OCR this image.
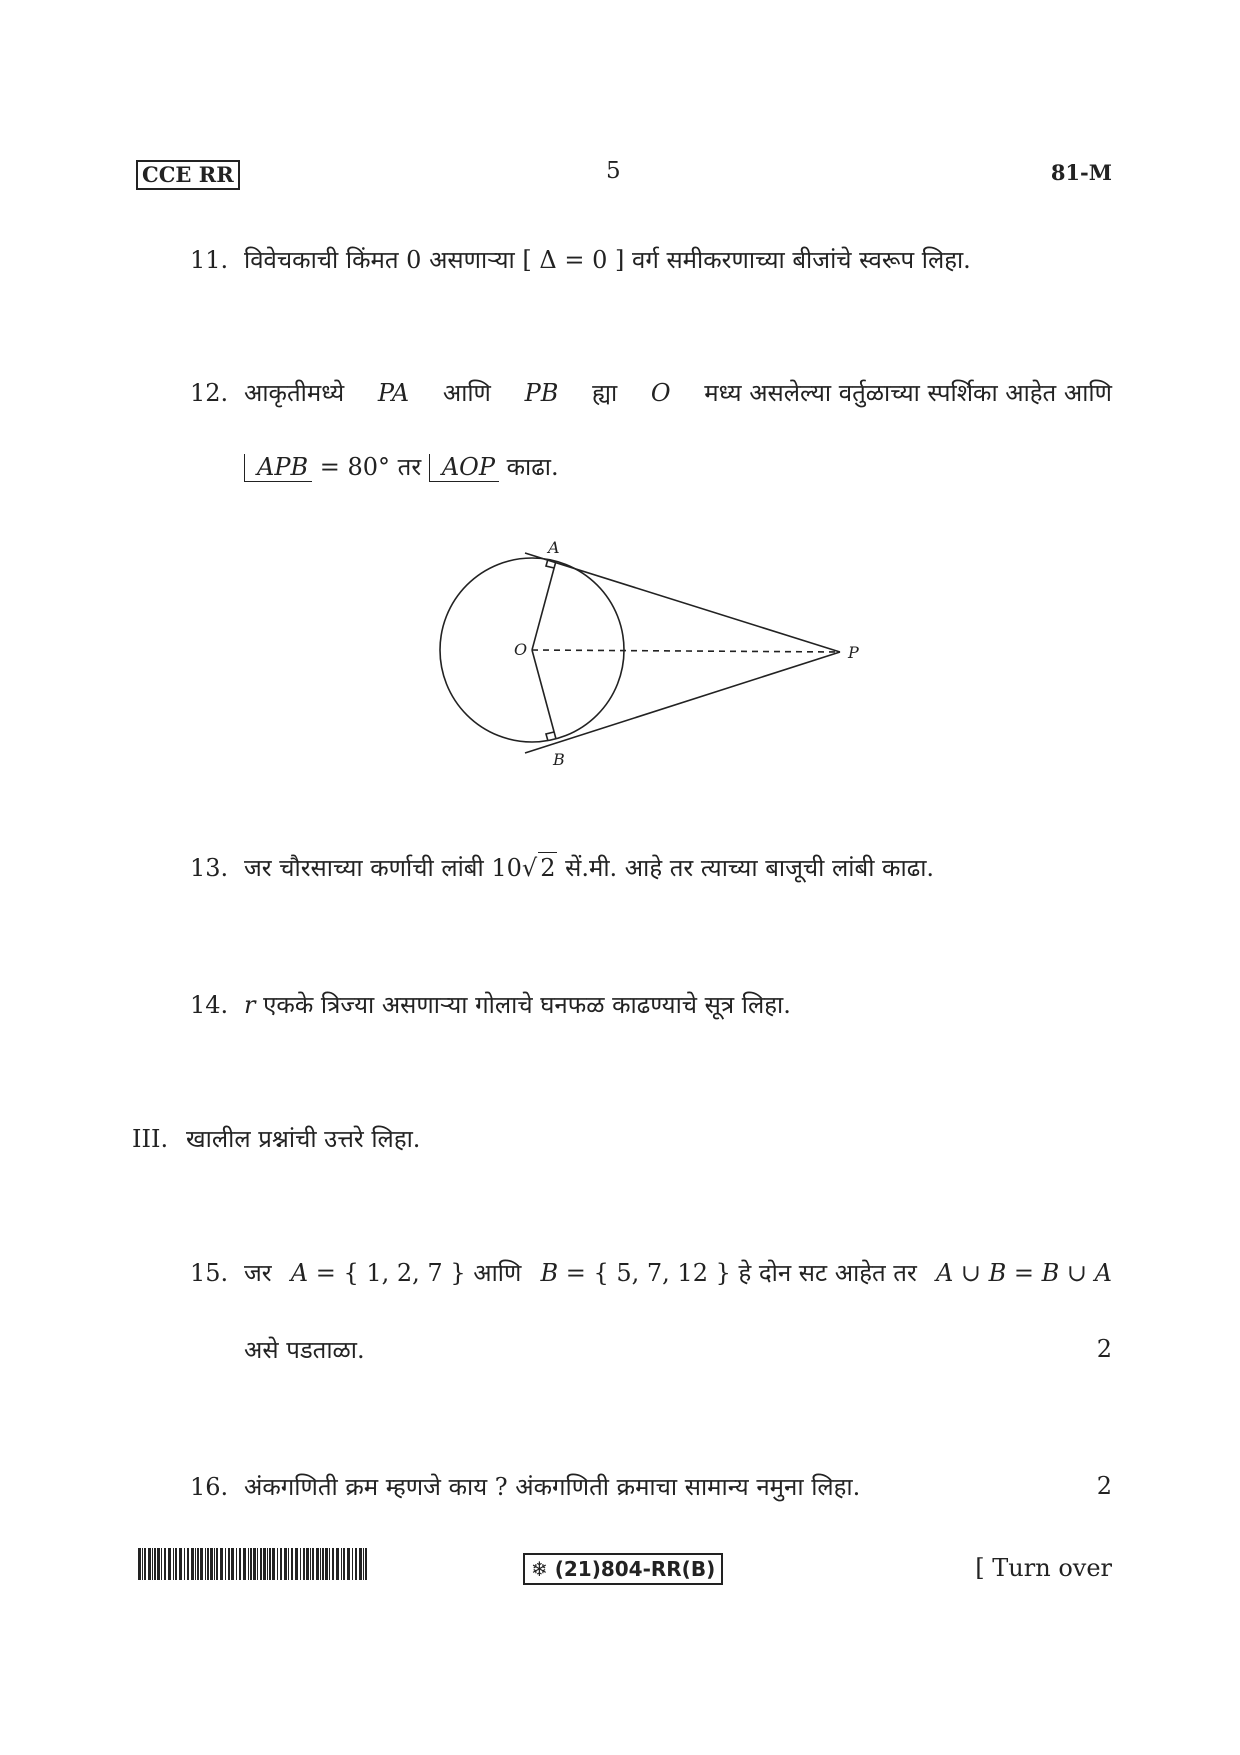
CCE RR	5	81-M
11. विवेचकाची किंमत 0 असणाऱ्या [ Δ = 0 ] वर्ग समीकरणाच्या बीजांचे स्वरूप लिहा.
12. आकृतीमध्ये PA आणि PB ह्या O मध्य असलेल्या वर्तुळाच्या स्पर्शिका आहेत आणि
APB = 80° तर AOP काढा.
A
B
O	P
13. जर चौरसाच्या कर्णाची लांबी 10√ 2 सें.मी. आहे तर त्याच्या बाजूची लांबी काढा.
14. r एकके त्रिज्या असणाऱ्या गोलाचे घनफळ काढण्याचे सूत्र लिहा.
III. खालील प्रश्नांची उत्तरे लिहा.
15. जर A = { 1, 2, 7 } आणि B = { 5, 7, 12 } हे दोन सट आहेत तर A ∪ B = B ∪ A
असे पडताळा.	2
16. अंकगणिती क्रम म्हणजे काय ? अंकगणिती क्रमाचा सामान्य नमुना लिहा.	2
❄ (21)804-RR(B)	[ Turn over
